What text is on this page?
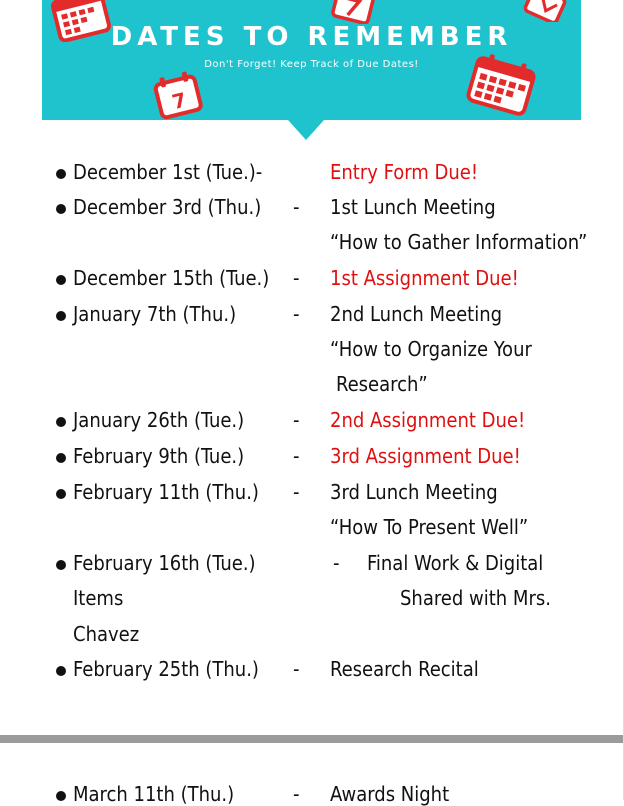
7
DATES TO REMEMBER
Don't Forget! Keep Track of Due Dates!
December 1st (Tue.)-	Entry Form Due!
December 3rd (Thu.) - 1st Lunch Meeting
“How to Gather Information”
December 15th (Tue.) - 1st Assignment Due!
January 7th (Thu.)	- 2nd Lunch Meeting
“How to Organize Your
Research”
January 26th (Tue.) - 2nd Assignment Due!
February 9th (Tue.) - 3rd Assignment Due!
February 11th (Thu.) - 3rd Lunch Meeting
“How To Present Well”
February 16th (Tue.)	- Final Work & Digital
Items	Shared with Mrs.
Chavez
February 25th (Thu.) - Research Recital
March 11th (Thu.)	- Awards Night
